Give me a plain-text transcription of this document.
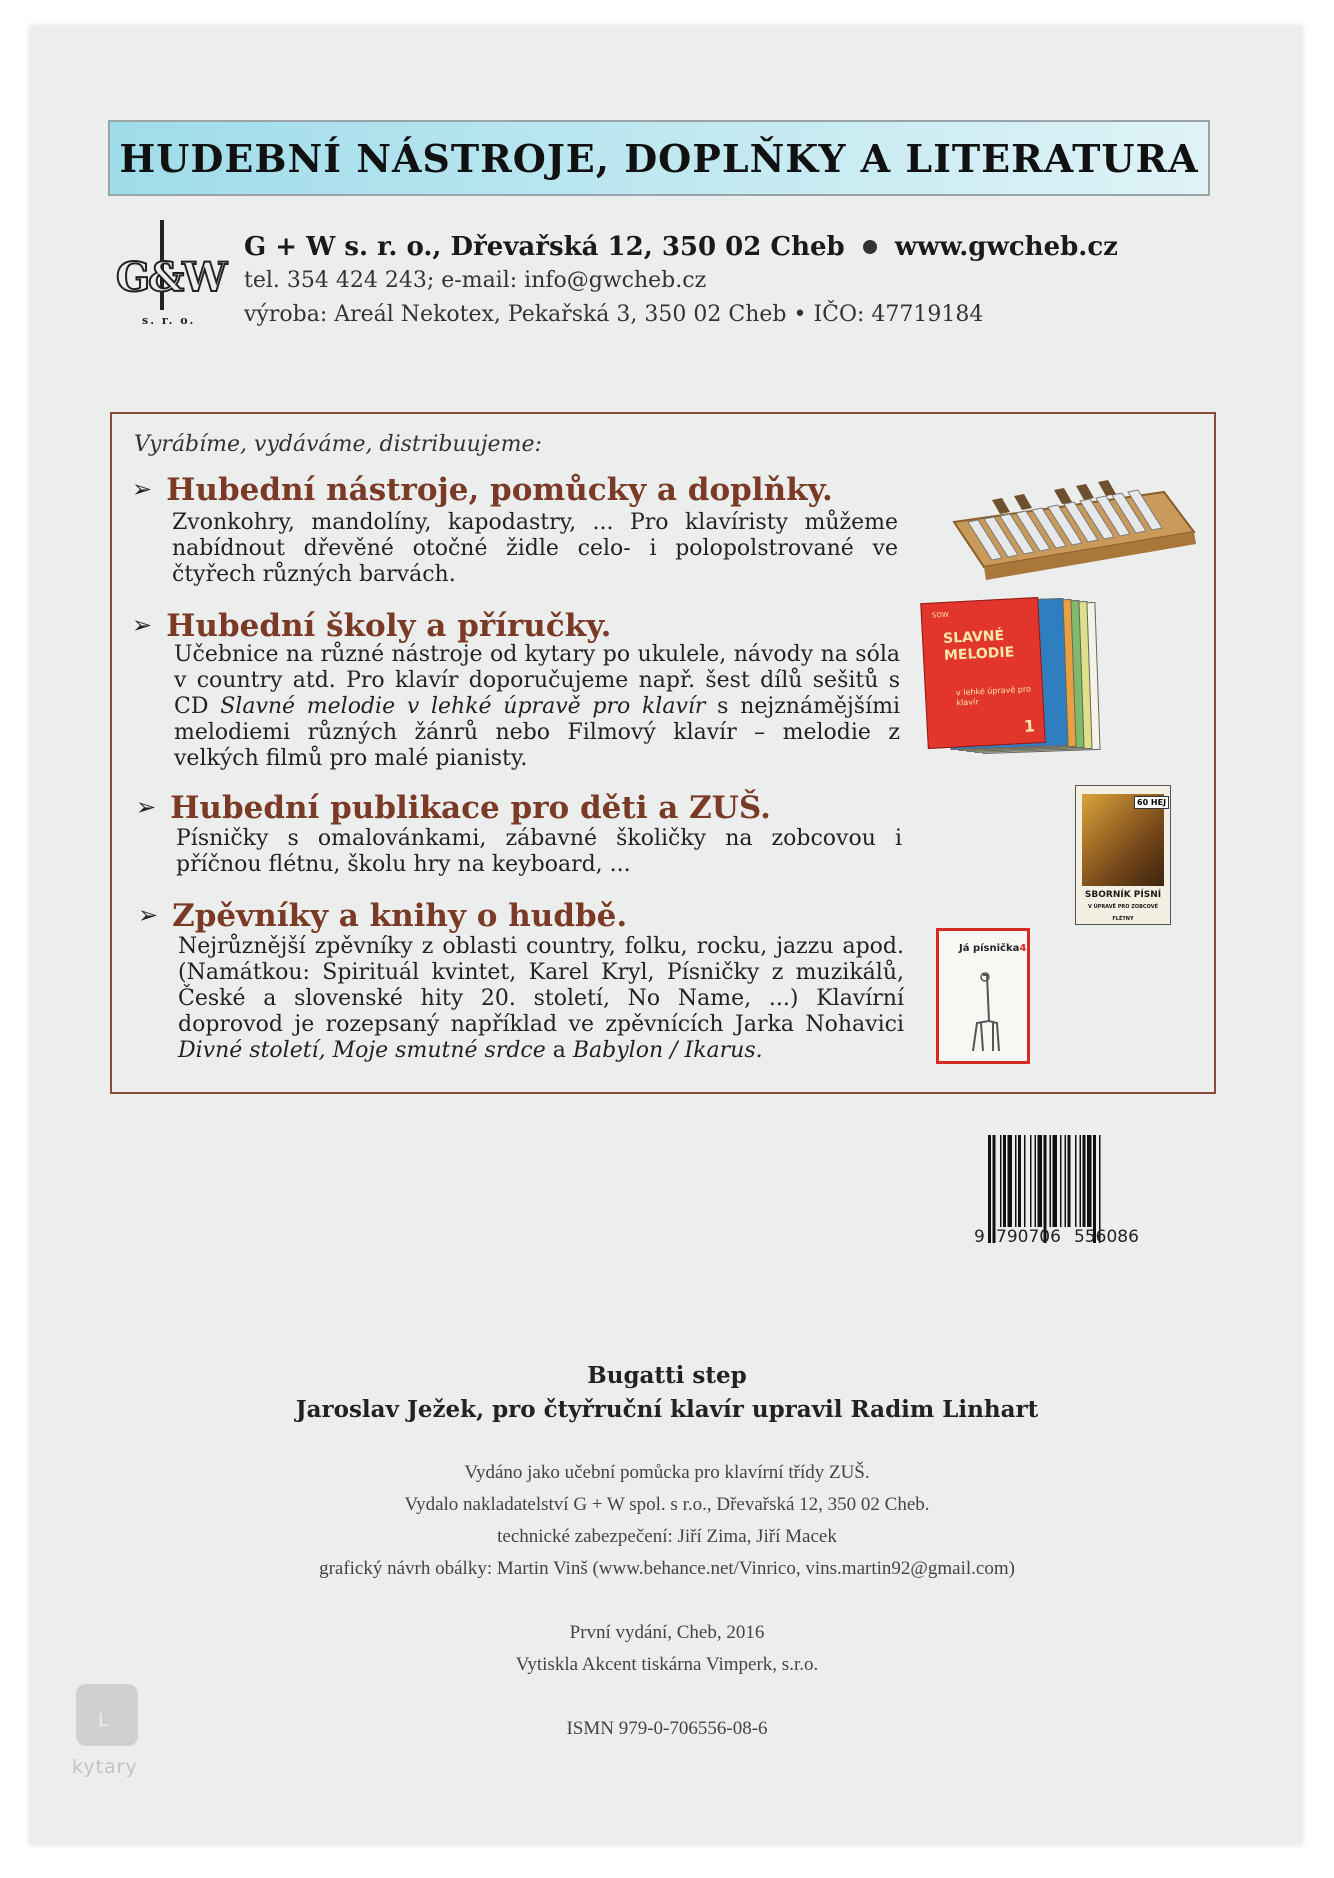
HUDEBNÍ NÁSTROJE, DOPLŇKY A LITERATURA
G&W
s. r. o.
G + W s. r. o., Dřevařská 12, 350 02 Cheb www.gwcheb.cz
tel. 354 424 243; e-mail: info@gwcheb.cz
výroba: Areál Nekotex, Pekařská 3, 350 02 Cheb • IČO: 47719184
Vyrábíme, vydáváme, distribuujeme:
➢ Hubední nástroje, pomůcky a doplňky.
Zvonkohry, mandolíny, kapodastry, ... Pro klavíristy můžeme nabídnout dřevěné otočné židle celo- i polopolstrované ve čtyřech různých barvách.
➢ Hubední školy a příručky.
Učebnice na různé nástroje od kytary po ukulele, návody na sóla v country atd. Pro klavír doporučujeme např. šest dílů sešitů s CD Slavné melodie v lehké úpravě pro klavír s nejznámějšími melodiemi různých žánrů nebo Filmový klavír – melodie z velkých filmů pro malé pianisty.
➢ Hubední publikace pro děti a ZUŠ.
Písničky s omalovánkami, zábavné školičky na zobcovou i příčnou flétnu, školu hry na keyboard, ...
➢ Zpěvníky a knihy o hudbě.
Nejrůznější zpěvníky z oblasti country, folku, rocku, jazzu apod. (Namátkou: Spirituál kvintet, Karel Kryl, Písničky z muzikálů, České a slovenské hity 20. století, No Name, ...) Klavírní doprovod je rozepsaný například ve zpěvnících Jarka Nohavici Divné století, Moje smutné srdce a Babylon / Ikarus.
SOW
SLAVNÉ MELODIE
v lehké úpravě pro klavír
1
60 HEJ
SBORNÍK PÍSNÍ
V ÚPRAVĚ PRO ZOBCOVÉ FLÉTNY
Já písnička4
9 790706 556086
Bugatti step
Jaroslav Ježek, pro čtyřruční klavír upravil Radim Linhart
Vydáno jako učební pomůcka pro klavírní třídy ZUŠ.
Vydalo nakladatelství G + W spol. s r.o., Dřevařská 12, 350 02 Cheb.
technické zabezpečení: Jiří Zima, Jiří Macek
grafický návrh obálky: Martin Vinš (www.behance.net/Vinrico, vins.martin92@gmail.com)
První vydání, Cheb, 2016
Vytiskla Akcent tiskárna Vimperk, s.r.o.
ISMN 979-0-706556-08-6
ᒪ
kytary
